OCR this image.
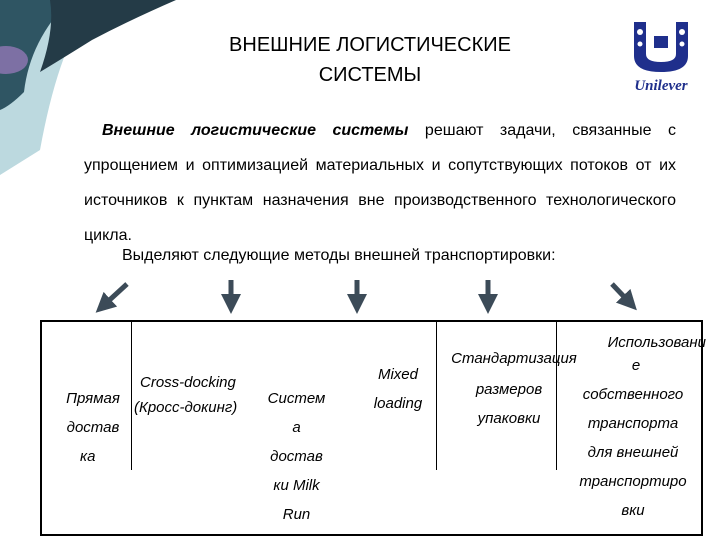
ВНЕШНИЕ ЛОГИСТИЧЕСКИЕ
СИСТЕМЫ	Unilever
Внешние логистические системы решают задачи, связанные с упрощением и оптимизацией материальных и сопутствующих потоков от их источников к пунктам назначения вне производственного технологического цикла.
Выделяют следующие методы внешней транспортировки:
Прямая
достав
ка
Cross-docking
(Кросс-докинг)
Систем
а
достав
ки Milk
Run
Mixed
loading
Стандартизация
размеров
упаковки
Использовани
е
собственного
транспорта
для внешней
транспортиро
вки
